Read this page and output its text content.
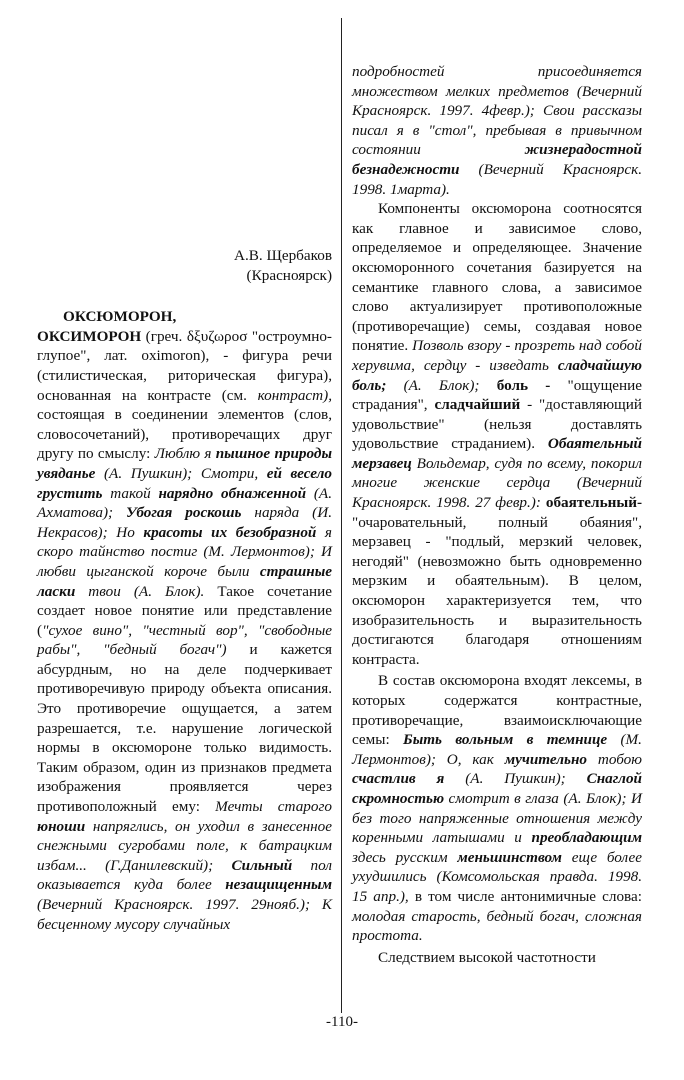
А.В. Щербаков

(Красноярск)

ОКСЮМОРОН,

ОКСИМОРОН (греч. δξυζωροσ "остроумно-глупое", лат. oximoron), - фигура речи (стилистическая, риторическая фигура), основанная на контрасте (см. контраст), состоящая в соединении элементов (слов, словосочетаний), противоречащих друг другу по смыслу: Люблю я пышное природы увяданье (А. Пушкин); Смотри, ей весело грустить такой нарядно обнаженной (А. Ахматова); Убогая роскошь наряда (И. Некрасов); Но красоты их безобразной я скоро тайнство постиг (М. Лермонтов); И любви цыганской короче были страшные ласки твои (А. Блок). Такое сочетание создает новое понятие или представление ("сухое вино", "честный вор", "свободные рабы", "бедный богач") и кажется абсурдным, но на деле подчеркивает противоречивую природу объекта описания. Это противоречие ощущается, а затем разрешается, т.е. нарушение логической нормы в оксюмороне только видимость. Таким образом, один из признаков предмета изображения проявляется через противоположный ему: Мечты старого юноши напряглись, он уходил в занесенное снежными сугробами поле, к батрацким избам... (Г.Данилевский); Сильный пол оказывается куда более незащищенным (Вечерний Красноярск. 1997. 29нояб.); К бесценному мусору случайных

подробностей присоединяется множеством мелких предметов (Вечерний Красноярск. 1997. 4февр.); Свои рассказы писал я в "стол", пребывая в привычном состоянии жизнерадостной безнадежности (Вечерний Красноярск. 1998. 1марта).

Компоненты оксюморона соотносятся как главное и зависимое слово, определяемое и определяющее. Значение оксюморонного сочетания базируется на семантике главного слова, а зависимое слово актуализирует противоположные (противоречащие) семы, создавая новое понятие. Позволь взору - прозреть над собой херувима, сердцу - изведать сладчайшую боль; (А. Блок); боль - "ощущение страдания", сладчайший - "доставляющий удовольствие" (нельзя доставлять удовольствие страданием). Обаятельный мерзавец Вольдемар, судя по всему, покорил многие женские сердца (Вечерний Красноярск. 1998. 27 февр.): обаятельный- "очаровательный, полный обаяния", мерзавец - "подлый, мерзкий человек, негодяй" (невозможно быть одновременно мерзким и обаятельным). В целом, оксюморон характеризуется тем, что изобразительность и выразительность достигаются благодаря отношениям контраста.

В состав оксюморона входят лексемы, в которых содержатся контрастные, противоречащие, взаимоисключающие семы: Быть вольным в темнице (М. Лермонтов); О, как мучительно тобою счастлив я (А. Пушкин); Снаглой скромностью смотрит в глаза (А. Блок); И без того напряженные отношения между коренными латышами и преобладающим здесь русским меньшинством еще более ухудшились (Комсомольская правда. 1998. 15 апр.), в том числе антонимичные слова: молодая старость, бедный богач, сложная простота.

Следствием высокой частотности

-110-
